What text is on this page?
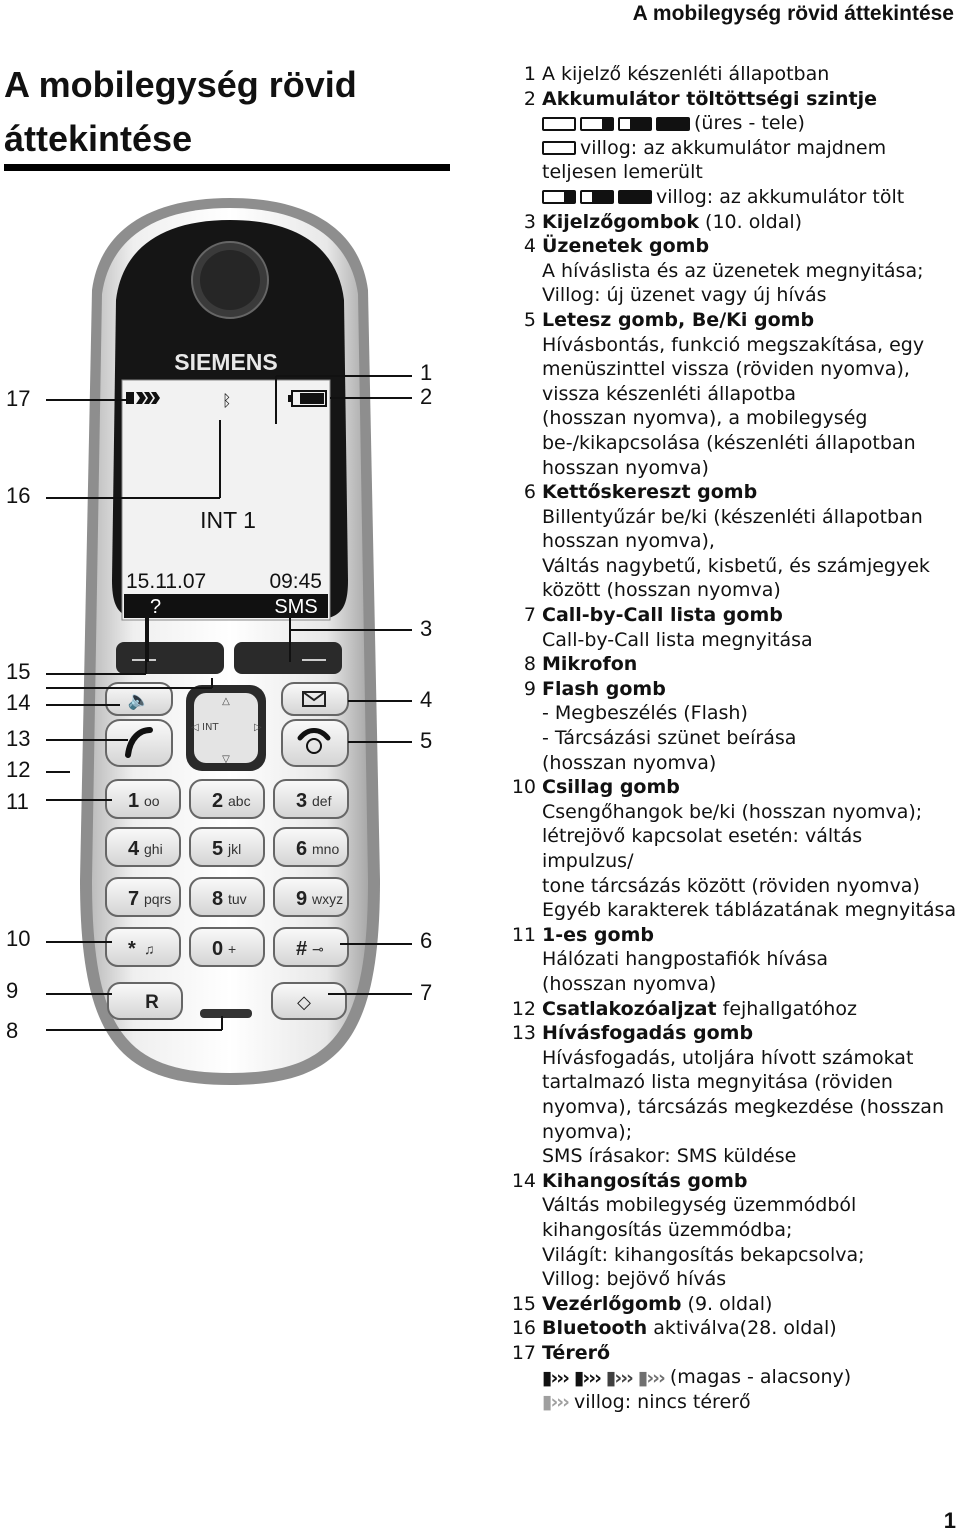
A mobilegység rövid áttekintése
A mobilegység rövid áttekintése
SIEMENS
ᛒ
INT 1
15.11.07	09:45
?	SMS
△
▽
◁	▷
INT
🔈
1 oo	2 abc 3 def
4 ghi 5 jkl	6 mno
7 pqrs 8 tuv 9 wxyz
* ♫	0 +	# ⊸
R	◇
17
16
15
14
13
12
11
10
9
8
1
2
3
4
5
6
7
1 A kijelző készenléti állapotban
2 Akkumulátor töltöttségi szintje
(üres - tele)
villog: az akkumulátor majdnem
teljesen lemerült
villog: az akkumulátor tölt
3 Kijelzőgombok (10. oldal)
4 Üzenetek gomb
A híváslista és az üzenetek megnyitása;
Villog: új üzenet vagy új hívás
5 Letesz gomb, Be/Ki gomb
Hívásbontás, funkció megszakítása, egy
menüszinttel vissza (röviden nyomva),
vissza készenléti állapotba
(hosszan nyomva), a mobilegység
be-/kikapcsolása (készenléti állapotban
hosszan nyomva)
6 Kettőskereszt gomb
Billentyűzár be/ki (készenléti állapotban
hosszan nyomva),
Váltás nagybetű, kisbetű, és számjegyek
között (hosszan nyomva)
7 Call-by-Call lista gomb
Call-by-Call lista megnyitása
8 Mikrofon
9 Flash gomb
- Megbeszélés (Flash)
- Tárcsázási szünet beírása
(hosszan nyomva)
10 Csillag gomb
Csengőhangok be/ki (hosszan nyomva);
létrejövő kapcsolat esetén: váltás impulzus/
tone tárcsázás között (röviden nyomva)
Egyéb karakterek táblázatának megnyitása
11 1-es gomb
Hálózati hangpostafiók hívása
(hosszan nyomva)
12 Csatlakozóaljzat fejhallgatóhoz
13 Hívásfogadás gomb
Hívásfogadás, utoljára hívott számokat
tartalmazó lista megnyitása (röviden
nyomva), tárcsázás megkezdése (hosszan
nyomva);
SMS írásakor: SMS küldése
14 Kihangosítás gomb
Váltás mobilegység üzemmódból
kihangosítás üzemmódba;
Világít: kihangosítás bekapcsolva;
Villog: bejövő hívás
15 Vezérlőgomb (9. oldal)
16 Bluetooth aktiválva(28. oldal)
17 Térerő
▮››› ▮››› ▮››› ▮››› (magas - alacsony)
▮››› villog: nincs térerő
1
